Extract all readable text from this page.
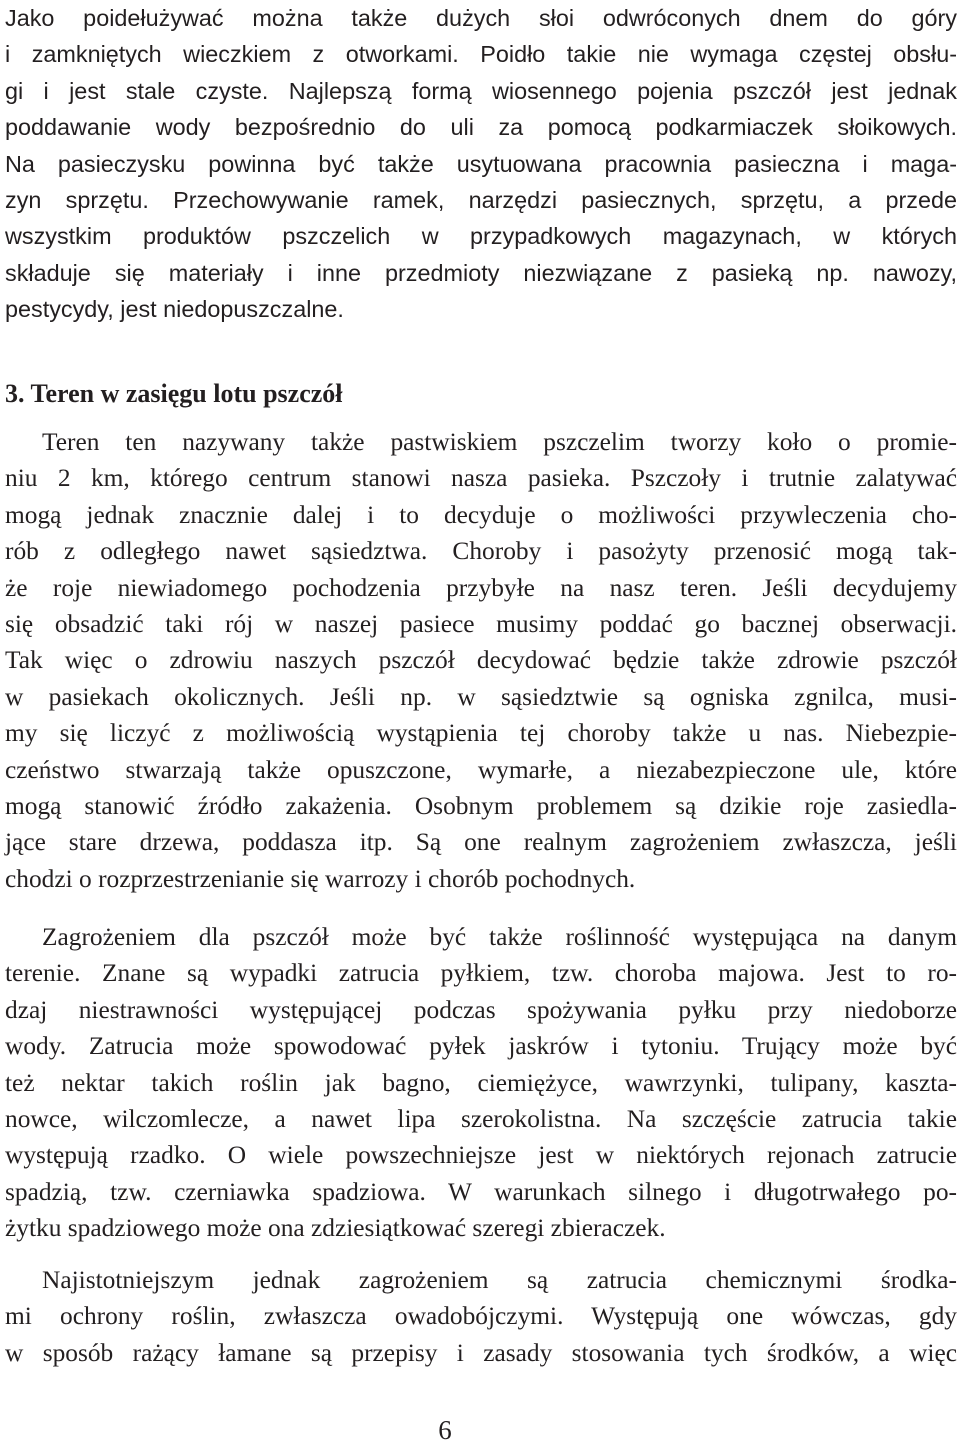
Jako poidełużywać można także dużych słoi odwróconych dnem do góry
i zamkniętych wieczkiem z otworkami. Poidło takie nie wymaga częstej obsłu-
gi i jest stale czyste. Najlepszą formą wiosennego pojenia pszczół jest jednak
poddawanie wody bezpośrednio do uli za pomocą podkarmiaczek słoikowych.
Na pasieczysku powinna być także usytuowana pracownia pasieczna i maga-
zyn sprzętu. Przechowywanie ramek, narzędzi pasiecznych, sprzętu, a przede
wszystkim produktów pszczelich w przypadkowych magazynach, w których
składuje się materiały i inne przedmioty niezwiązane z pasieką np. nawozy,
pestycydy, jest niedopuszczalne.
3. Teren w zasięgu lotu pszczół
Teren ten nazywany także pastwiskiem pszczelim tworzy koło o promie-
niu 2 km, którego centrum stanowi nasza pasieka. Pszczoły i trutnie zalatywać
mogą jednak znacznie dalej i to decyduje o możliwości przywleczenia cho-
rób z odległego nawet sąsiedztwa. Choroby i pasożyty przenosić mogą tak-
że roje niewiadomego pochodzenia przybyłe na nasz teren. Jeśli decydujemy
się obsadzić taki rój w naszej pasiece musimy poddać go bacznej obserwacji.
Tak więc o zdrowiu naszych pszczół decydować będzie także zdrowie pszczół
w pasiekach okolicznych. Jeśli np. w sąsiedztwie są ogniska zgnilca, musi-
my się liczyć z możliwością wystąpienia tej choroby także u nas. Niebezpie-
czeństwo stwarzają także opuszczone, wymarłe, a niezabezpieczone ule, które
mogą stanowić źródło zakażenia. Osobnym problemem są dzikie roje zasiedla-
jące stare drzewa, poddasza itp. Są one realnym zagrożeniem zwłaszcza, jeśli
chodzi o rozprzestrzenianie się warrozy i chorób pochodnych.
Zagrożeniem dla pszczół może być także roślinność występująca na danym
terenie. Znane są wypadki zatrucia pyłkiem, tzw. choroba majowa. Jest to ro-
dzaj niestrawności występującej podczas spożywania pyłku przy niedoborze
wody. Zatrucia może spowodować pyłek jaskrów i tytoniu. Trujący może być
też nektar takich roślin jak bagno, ciemiężyce, wawrzynki, tulipany, kaszta-
nowce, wilczomlecze, a nawet lipa szerokolistna. Na szczęście zatrucia takie
występują rzadko. O wiele powszechniejsze jest w niektórych rejonach zatrucie
spadzią, tzw. czerniawka spadziowa. W warunkach silnego i długotrwałego po-
żytku spadziowego może ona zdziesiątkować szeregi zbieraczek.
Najistotniejszym jednak zagrożeniem są zatrucia chemicznymi środka-
mi ochrony roślin, zwłaszcza owadobójczymi. Występują one wówczas, gdy
w sposób rażący łamane są przepisy i zasady stosowania tych środków, a więc
6
